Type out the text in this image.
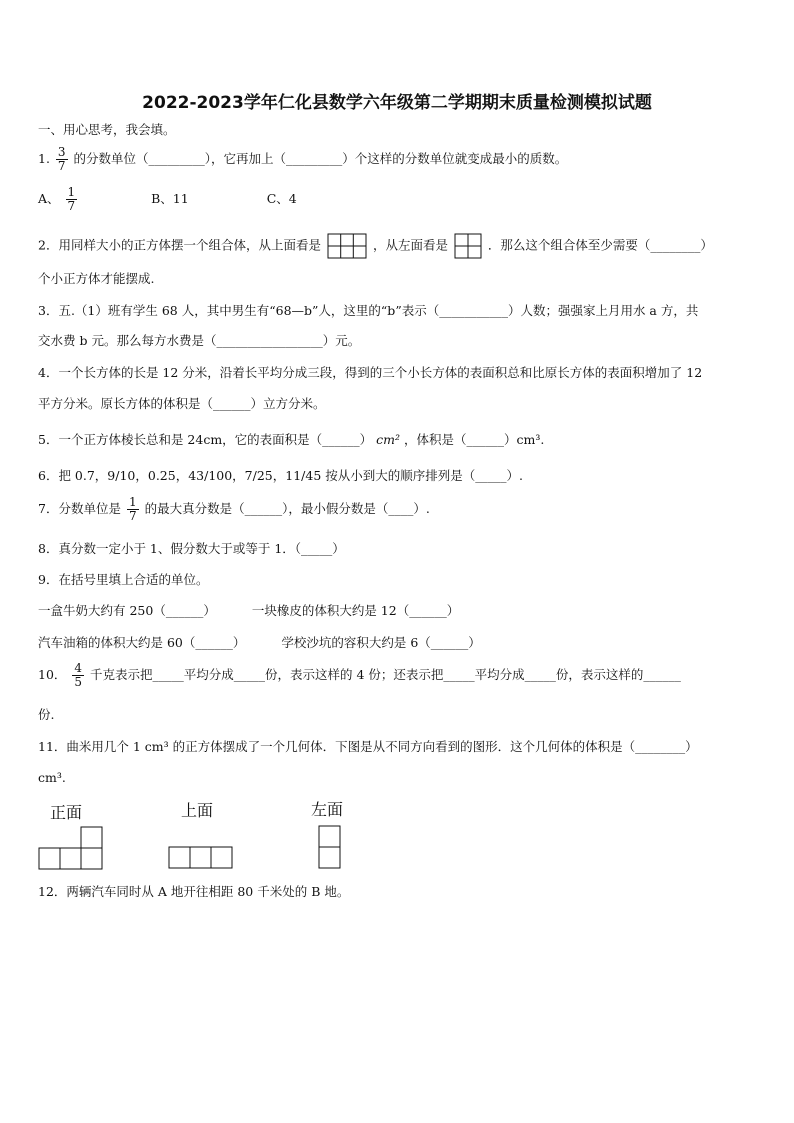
2022-2023学年仁化县数学六年级第二学期期末质量检测模拟试题
一、用心思考，我会填。
1. $\frac{3}{7}$ 的分数单位（_________），它再加上（_________）个这样的分数单位就变成最小的质数。
A、 $\frac{1}{7}$	B、11	C、4
2．用同样大小的正方体摆一个组合体，从上面看是	，从左面看是	．那么这个组合体至少需要（________）
个小正方体才能摆成.
3．五.（1）班有学生 68 人，其中男生有“68—b”人，这里的“b”表示（___________）人数；强强家上月用水 a 方，共
交水费 b 元。那么每方水费是（_________________）元。
4．一个长方体的长是 12 分米，沿着长平均分成三段，得到的三个小长方体的表面积总和比原长方体的表面积增加了 12
平方分米。原长方体的体积是（______）立方分米。
5．一个正方体棱长总和是 24cm，它的表面积是（______） cm² ，体积是（______）cm³.
6．把 0.7，9/10，0.25，43/100，7/25，11/45 按从小到大的顺序排列是（_____）.
7．分数单位是 $\frac{1}{7}$ 的最大真分数是（______），最小假分数是（____）.
8．真分数一定小于 1、假分数大于或等于 1．（_____）
9．在括号里填上合适的单位。
一盒牛奶大约有 250（______）	一块橡皮的体积大约是 12（______）
汽车油箱的体积大约是 60（______）	学校沙坑的容积大约是 6（______）
10． $\frac{4}{5}$ 千克表示把_____平均分成_____份，表示这样的 4 份；还表示把_____平均分成_____份，表示这样的______
份.
11．曲米用几个 1 cm³ 的正方体摆成了一个几何体．下图是从不同方向看到的图形．这个几何体的体积是（________）
cm³.
正面	上面	左面
12．两辆汽车同时从 A 地开往相距 80 千米处的 B 地。
